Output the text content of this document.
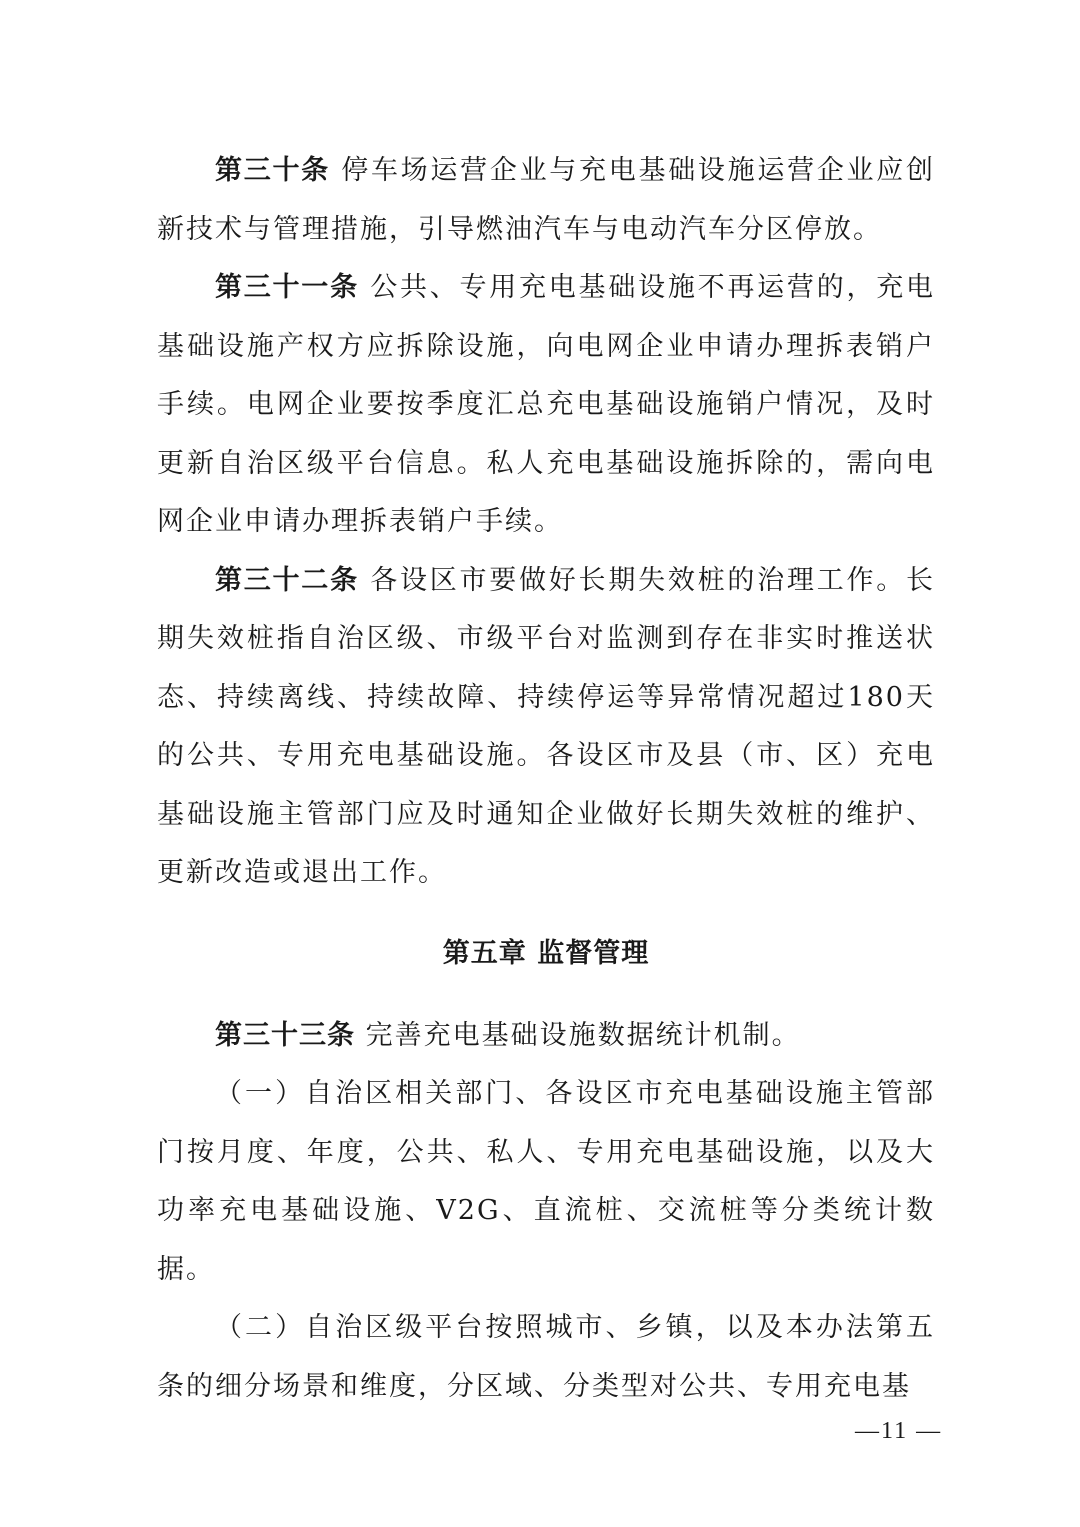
第三十条 停车场运营企业与充电基础设施运营企业应创新技术与管理措施，引导燃油汽车与电动汽车分区停放。

第三十一条 公共、专用充电基础设施不再运营的，充电基础设施产权方应拆除设施，向电网企业申请办理拆表销户手续。电网企业要按季度汇总充电基础设施销户情况，及时更新自治区级平台信息。私人充电基础设施拆除的，需向电网企业申请办理拆表销户手续。

第三十二条 各设区市要做好长期失效桩的治理工作。长期失效桩指自治区级、市级平台对监测到存在非实时推送状态、持续离线、持续故障、持续停运等异常情况超过180天的公共、专用充电基础设施。各设区市及县（市、区）充电基础设施主管部门应及时通知企业做好长期失效桩的维护、更新改造或退出工作。

第五章 监督管理

第三十三条 完善充电基础设施数据统计机制。

（一）自治区相关部门、各设区市充电基础设施主管部门按月度、年度，公共、私人、专用充电基础设施，以及大功率充电基础设施、V2G、直流桩、交流桩等分类统计数据。

（二）自治区级平台按照城市、乡镇，以及本办法第五条的细分场景和维度，分区域、分类型对公共、专用充电基

—11 —
